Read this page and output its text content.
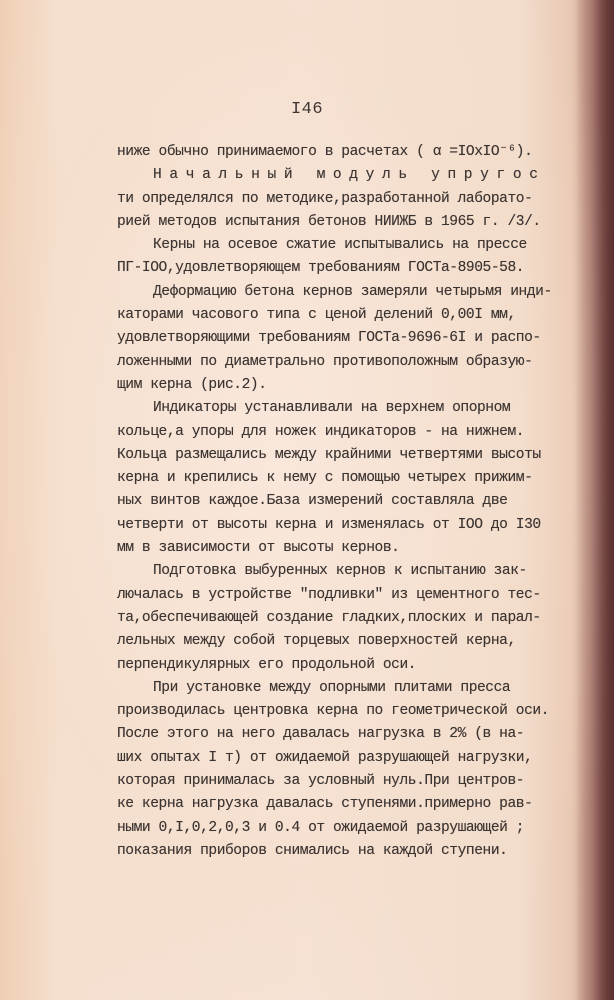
I46
ниже обычно принимаемого в расчетах ( α =IOxIO⁻⁶).
Начальный модуль упругос
ти определялся по методике,разработанной лаборато-
рией методов испытания бетонов НИИЖБ в 1965 г. /3/.
Керны на осевое сжатие испытывались на прессе
ПГ-IOO,удовлетворяющем требованиям ГОСТа-8905-58.
Деформацию бетона кернов замеряли четырьмя инди-
каторами часового типа с ценой делений 0,00I мм,
удовлетворяющими требованиям ГОСТа-9696-6I и распо-
ложенными по диаметрально противоположным образую-
щим керна (рис.2).
Индикаторы устанавливали на верхнем опорном
кольце,а упоры для ножек индикаторов - на нижнем.
Кольца размещались между крайними четвертями высоты
керна и крепились к нему с помощью четырех прижим-
ных винтов каждое.База измерений составляла две
четверти от высоты керна и изменялась от IOO до I30
мм в зависимости от высоты кернов.
Подготовка выбуренных кернов к испытанию зак-
лючалась в устройстве "подливки" из цементного тес-
та,обеспечивающей создание гладких,плоских и парал-
лельных между собой торцевых поверхностей керна,
перпендикулярных его продольной оси.
При установке между опорными плитами пресса
производилась центровка керна по геометрической оси.
После этого на него давалась нагрузка в 2% (в на-
ших опытах I т) от ожидаемой разрушающей нагрузки,
которая принималась за условный нуль.При центров-
ке керна нагрузка давалась ступенями.примерно рав-
ными 0,I,0,2,0,3 и 0.4 от ожидаемой разрушающей ;
показания приборов снимались на каждой ступени.
